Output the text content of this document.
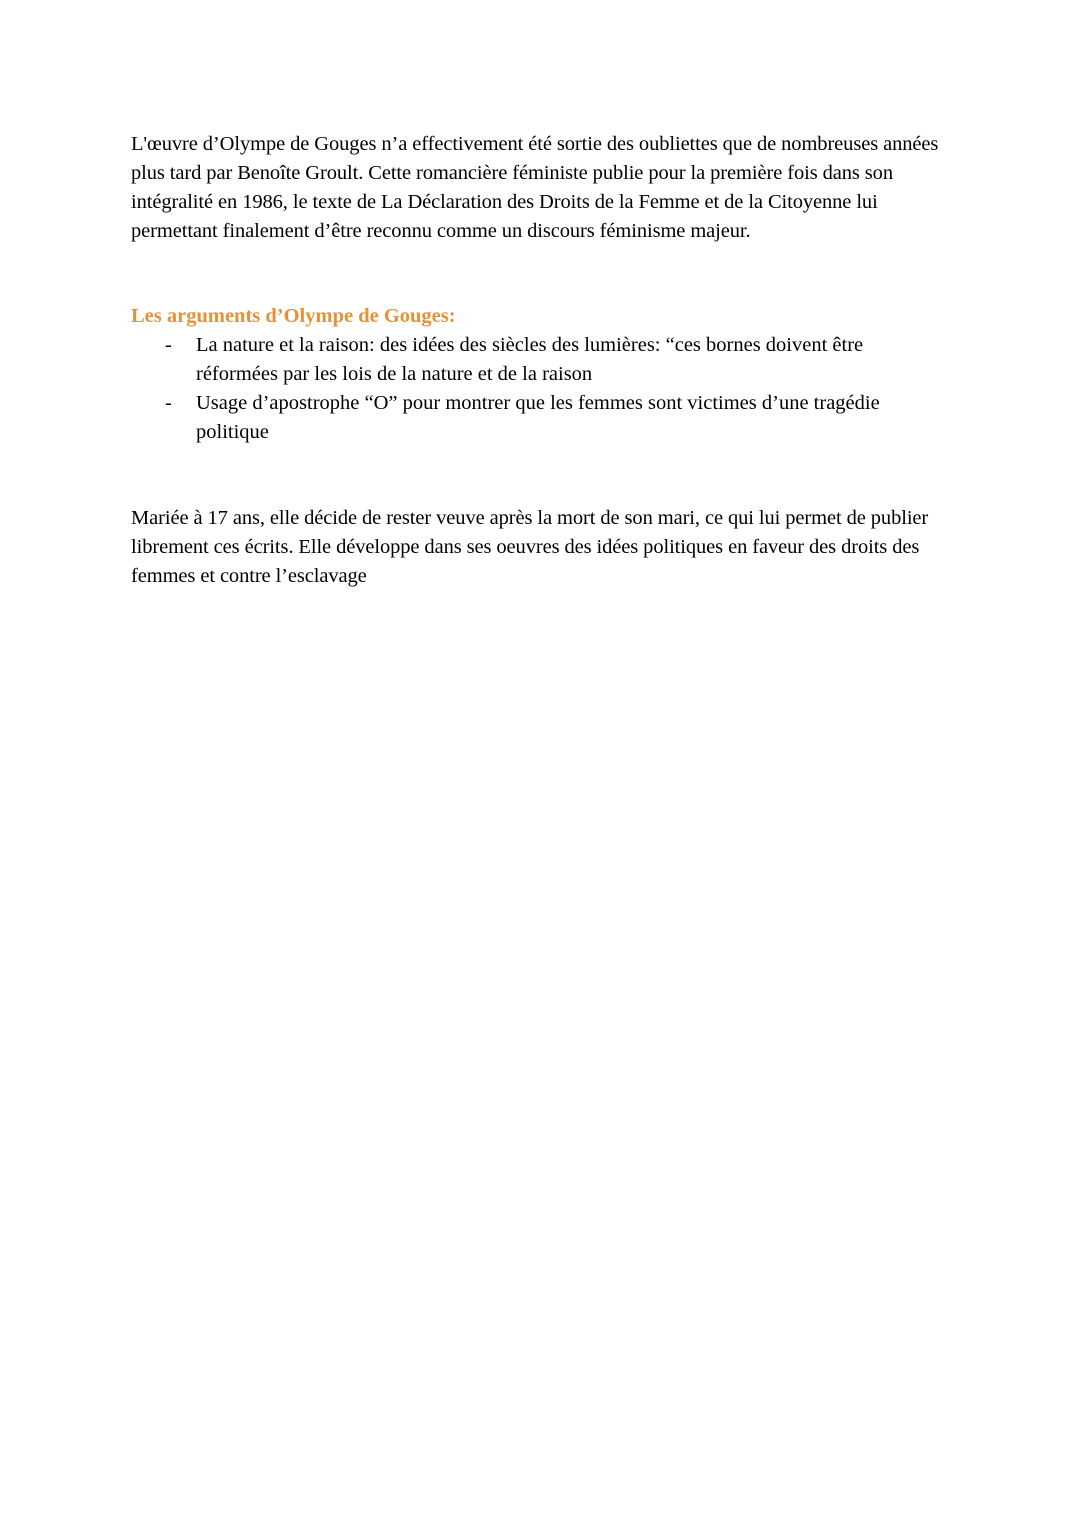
L'œuvre d’Olympe de Gouges n’a effectivement été sortie des oubliettes que de nombreuses années plus tard par Benoîte Groult. Cette romancière féministe publie pour la première fois dans son intégralité en 1986, le texte de La Déclaration des Droits de la Femme et de la Citoyenne lui permettant finalement d’être reconnu comme un discours féminisme majeur.

Les arguments d’Olympe de Gouges:
- La nature et la raison: des idées des siècles des lumières: “ces bornes doivent être réformées par les lois de la nature et de la raison
- Usage d’apostrophe “O” pour montrer que les femmes sont victimes d’une tragédie politique

Mariée à 17 ans, elle décide de rester veuve après la mort de son mari, ce qui lui permet de publier librement ces écrits. Elle développe dans ses oeuvres des idées politiques en faveur des droits des femmes et contre l’esclavage
